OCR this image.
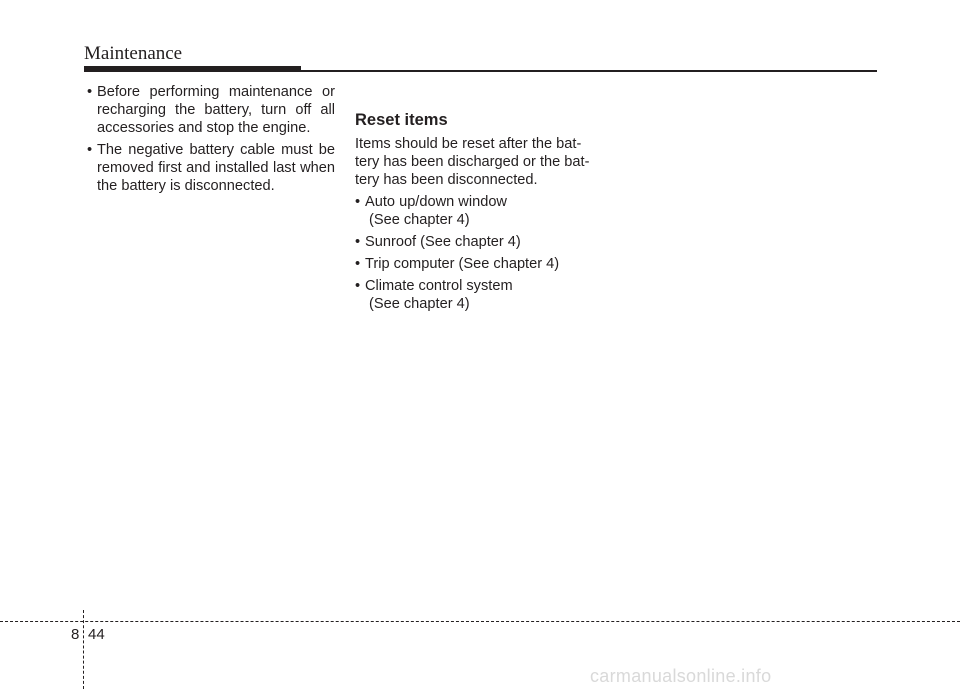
Maintenance
• Before performing maintenance or recharging the battery, turn off all accessories and stop the engine.
• The negative battery cable must be removed first and installed last when the battery is disconnected.
Reset items

Items should be reset after the bat-
tery has been discharged or the bat-
tery has been disconnected.

• Auto up/down window
(See chapter 4)
• Sunroof (See chapter 4)
• Trip computer (See chapter 4)
• Climate control system
(See chapter 4)
8 44
carmanualsonline.info
